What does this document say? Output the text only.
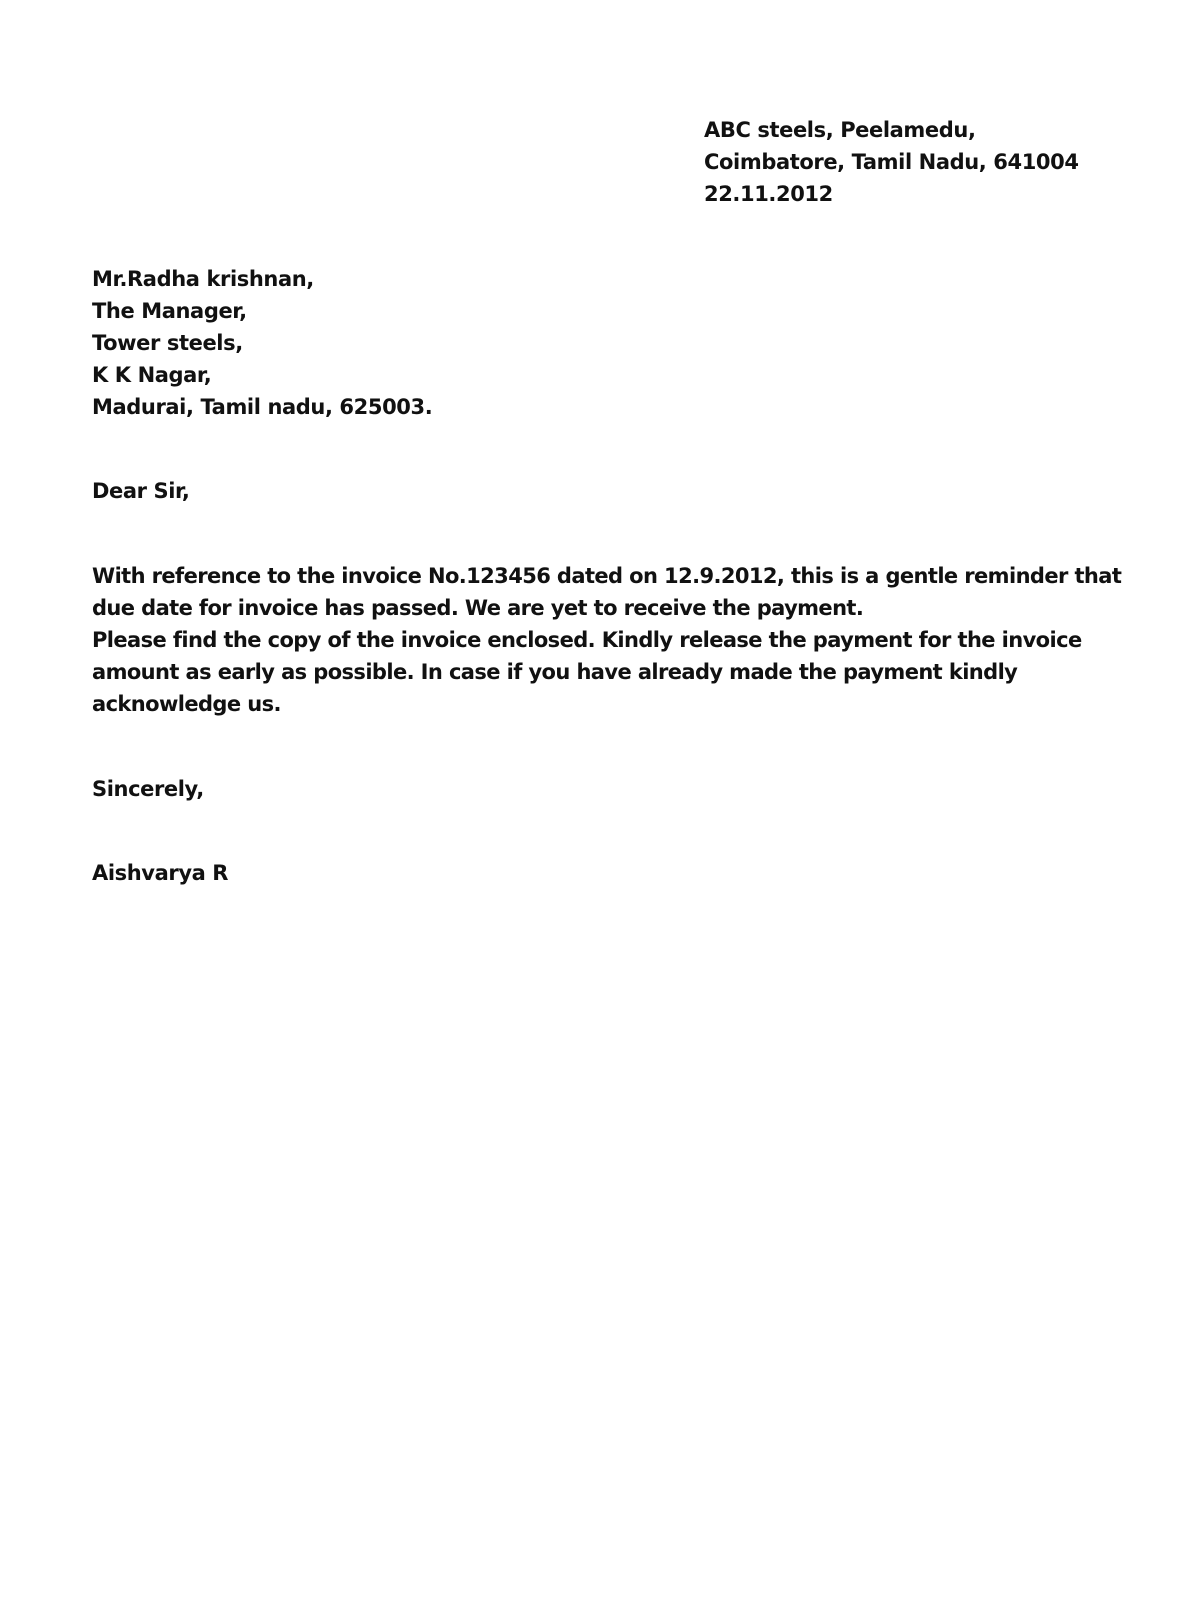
ABC steels, Peelamedu,
Coimbatore, Tamil Nadu, 641004
22.11.2012
Mr.Radha krishnan,
The Manager,
Tower steels,
K K Nagar,
Madurai, Tamil nadu, 625003.
Dear Sir,
With reference to the invoice No.123456 dated on 12.9.2012, this is a gentle reminder that
due date for invoice has passed. We are yet to receive the payment.
Please find the copy of the invoice enclosed. Kindly release the payment for the invoice
amount as early as possible. In case if you have already made the payment kindly
acknowledge us.
Sincerely,
Aishvarya R
